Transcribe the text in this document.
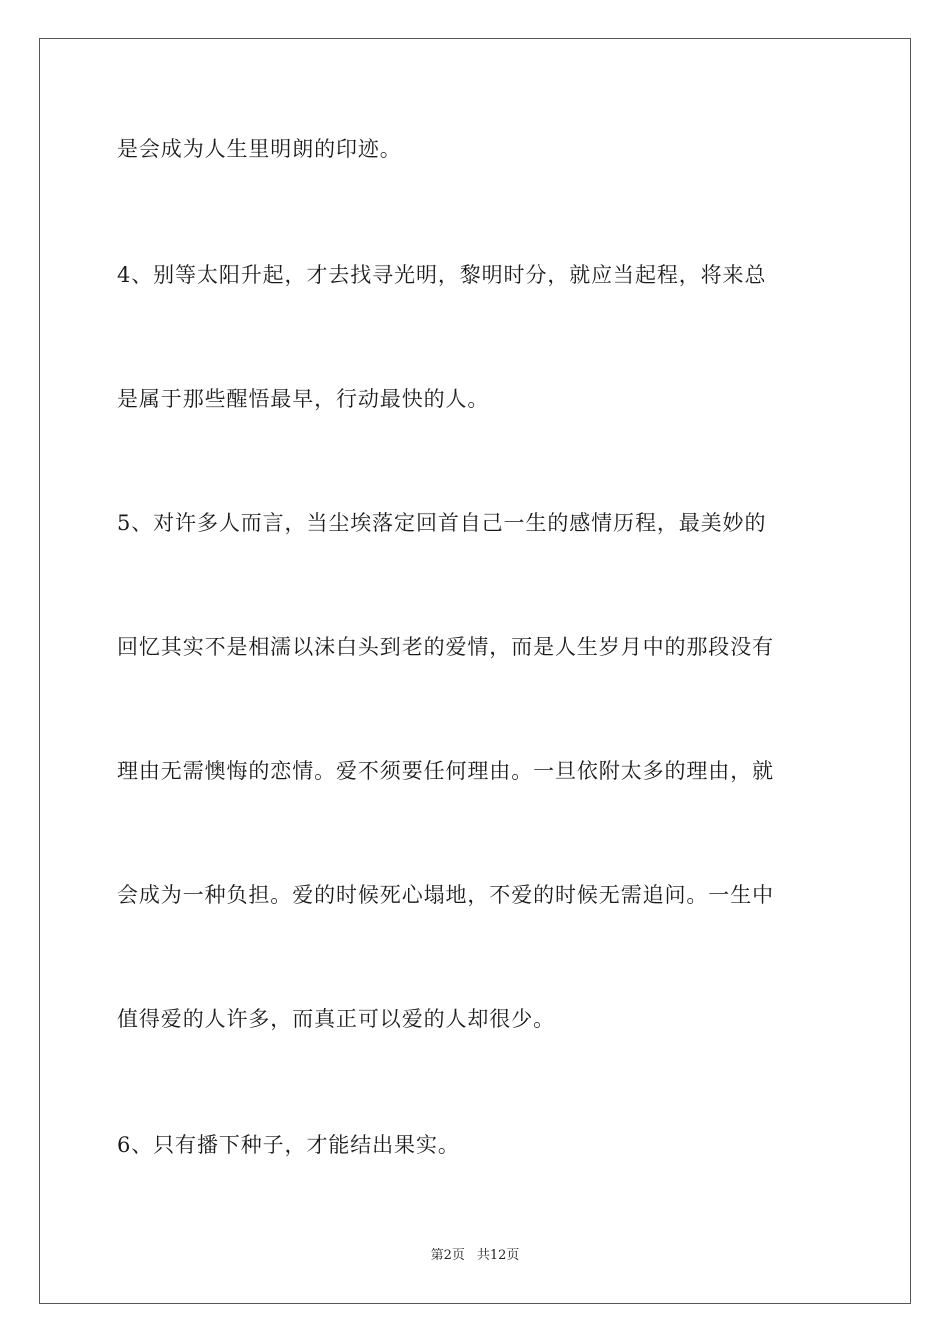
是会成为人生里明朗的印迹。
4、别等太阳升起，才去找寻光明，黎明时分，就应当起程，将来总
是属于那些醒悟最早，行动最快的人。
5、对许多人而言，当尘埃落定回首自己一生的感情历程，最美妙的
回忆其实不是相濡以沫白头到老的爱情，而是人生岁月中的那段没有
理由无需懊悔的恋情。爱不须要任何理由。一旦依附太多的理由，就
会成为一种负担。爱的时候死心塌地，不爱的时候无需追问。一生中
值得爱的人许多，而真正可以爱的人却很少。
6、只有播下种子，才能结出果实。
第2页 共12页
